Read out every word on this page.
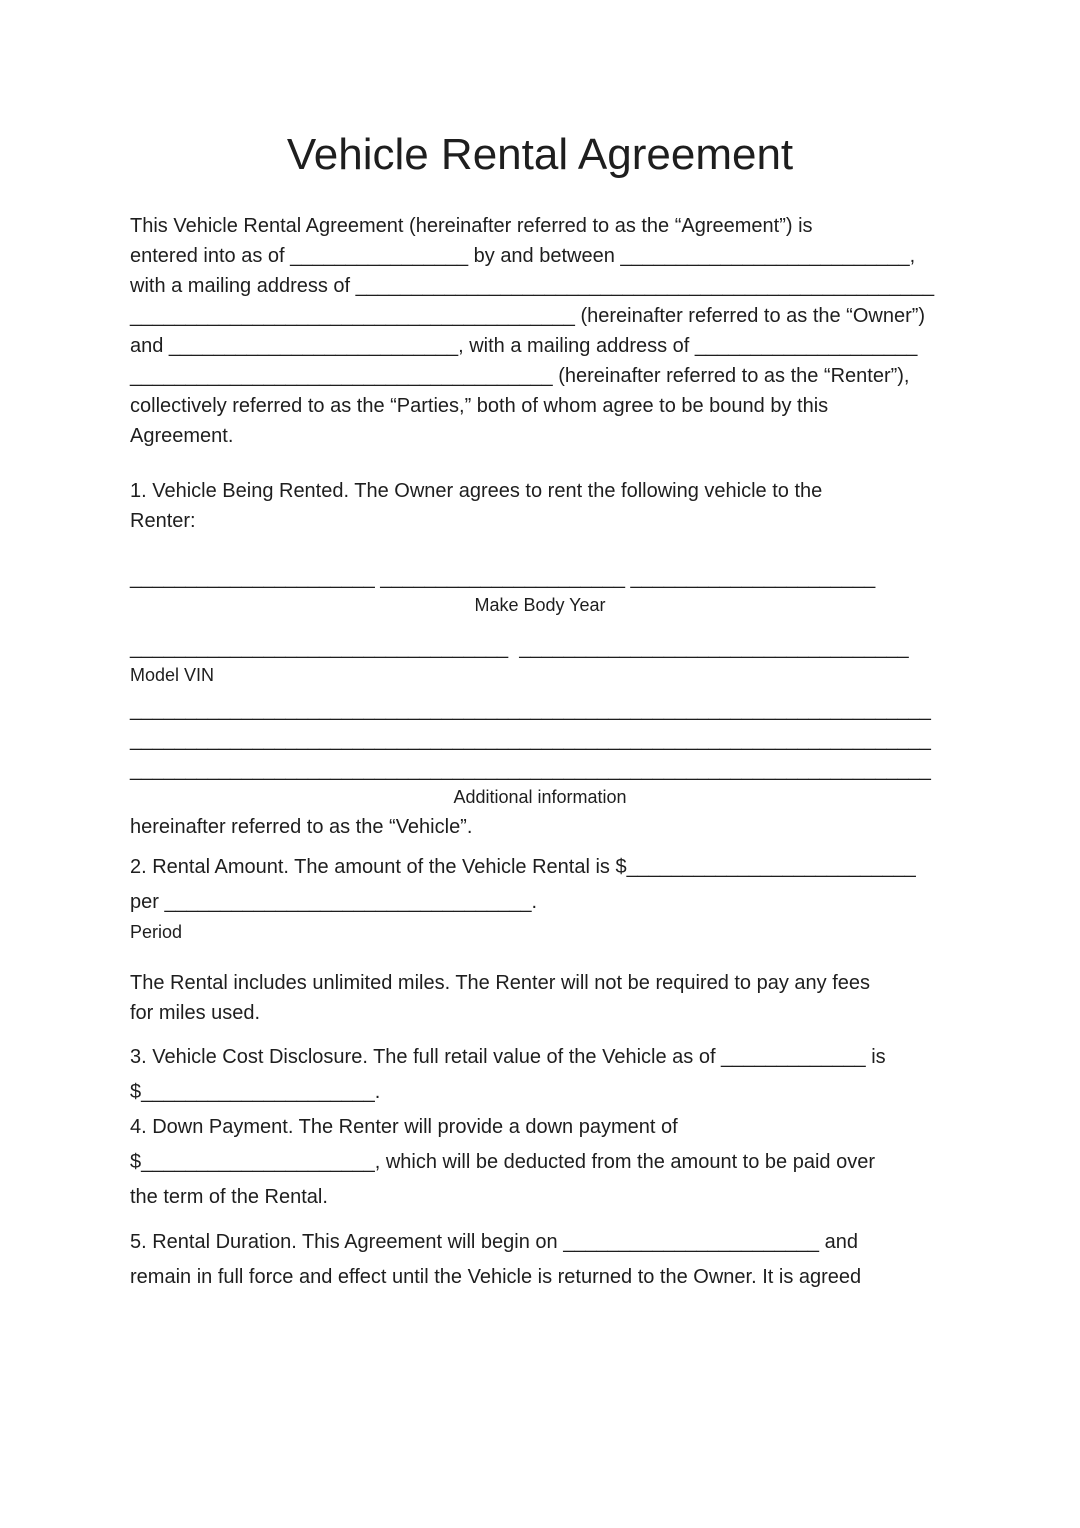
Vehicle Rental Agreement
This Vehicle Rental Agreement (hereinafter referred to as the “Agreement”) is
entered into as of ________________ by and between __________________________,
with a mailing address of ____________________________________________________
________________________________________ (hereinafter referred to as the “Owner”)
and __________________________, with a mailing address of ____________________
______________________________________ (hereinafter referred to as the “Renter”),
collectively referred to as the “Parties,” both of whom agree to be bound by this
Agreement.
1. Vehicle Being Rented. The Owner agrees to rent the following vehicle to the
Renter:
______________________ ______________________ ______________________
Make Body Year
__________________________________  ___________________________________
Model VIN
________________________________________________________________________
________________________________________________________________________
________________________________________________________________________
Additional information
hereinafter referred to as the “Vehicle”.
2. Rental Amount. The amount of the Vehicle Rental is $__________________________
per _________________________________.
Period
The Rental includes unlimited miles. The Renter will not be required to pay any fees
for miles used.
3. Vehicle Cost Disclosure. The full retail value of the Vehicle as of _____________ is
$_____________________.
4. Down Payment. The Renter will provide a down payment of
$_____________________, which will be deducted from the amount to be paid over
the term of the Rental.
5. Rental Duration. This Agreement will begin on _______________________ and
remain in full force and effect until the Vehicle is returned to the Owner. It is agreed
